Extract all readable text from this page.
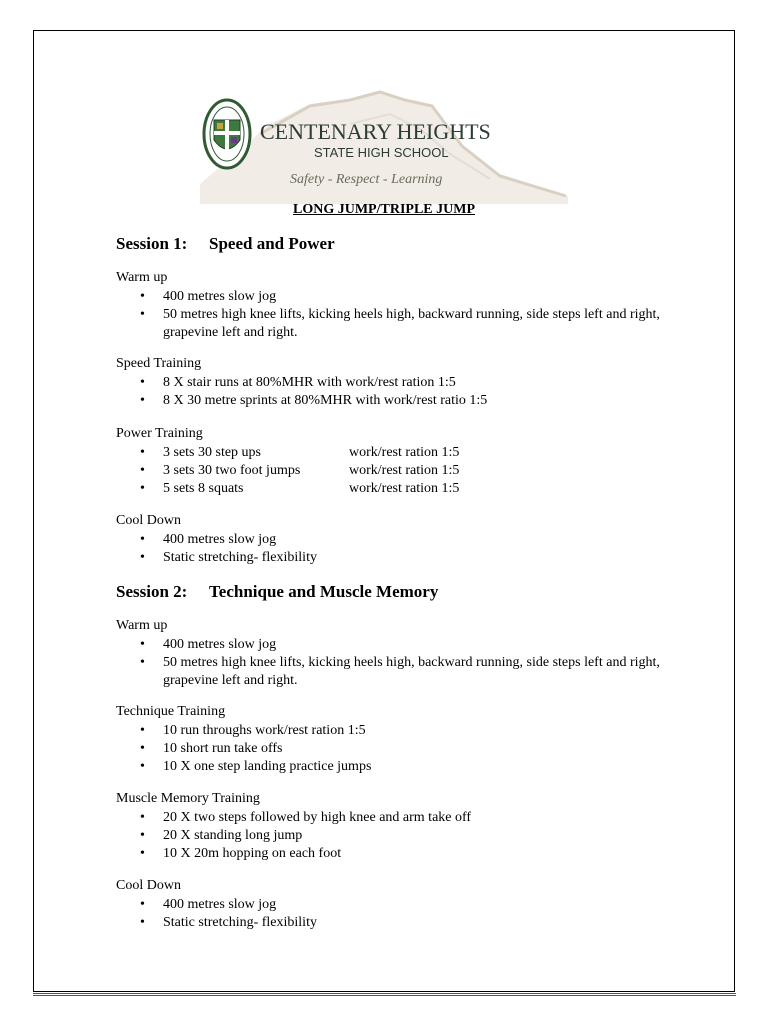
CENTENARY HEIGHTS
STATE HIGH SCHOOL
Safety - Respect - Learning
LONG JUMP/TRIPLE JUMP
Session 1: Speed and Power
Warm up
• 400 metres slow jog
• 50 metres high knee lifts, kicking heels high, backward running, side steps left and right, grapevine left and right.
Speed Training
• 8 X stair runs at 80%MHR with work/rest ration 1:5
• 8 X 30 metre sprints at 80%MHR with work/rest ratio 1:5
Power Training
• 3 sets 30 step ups	work/rest ration 1:5
• 3 sets 30 two foot jumps	work/rest ration 1:5
• 5 sets 8 squats	work/rest ration 1:5
Cool Down
• 400 metres slow jog
• Static stretching- flexibility
Session 2: Technique and Muscle Memory
Warm up
• 400 metres slow jog
• 50 metres high knee lifts, kicking heels high, backward running, side steps left and right, grapevine left and right.
Technique Training
• 10 run throughs work/rest ration 1:5
• 10 short run take offs
• 10 X one step landing practice jumps
Muscle Memory Training
• 20 X two steps followed by high knee and arm take off
• 20 X standing long jump
• 10 X 20m hopping on each foot
Cool Down
• 400 metres slow jog
• Static stretching- flexibility
